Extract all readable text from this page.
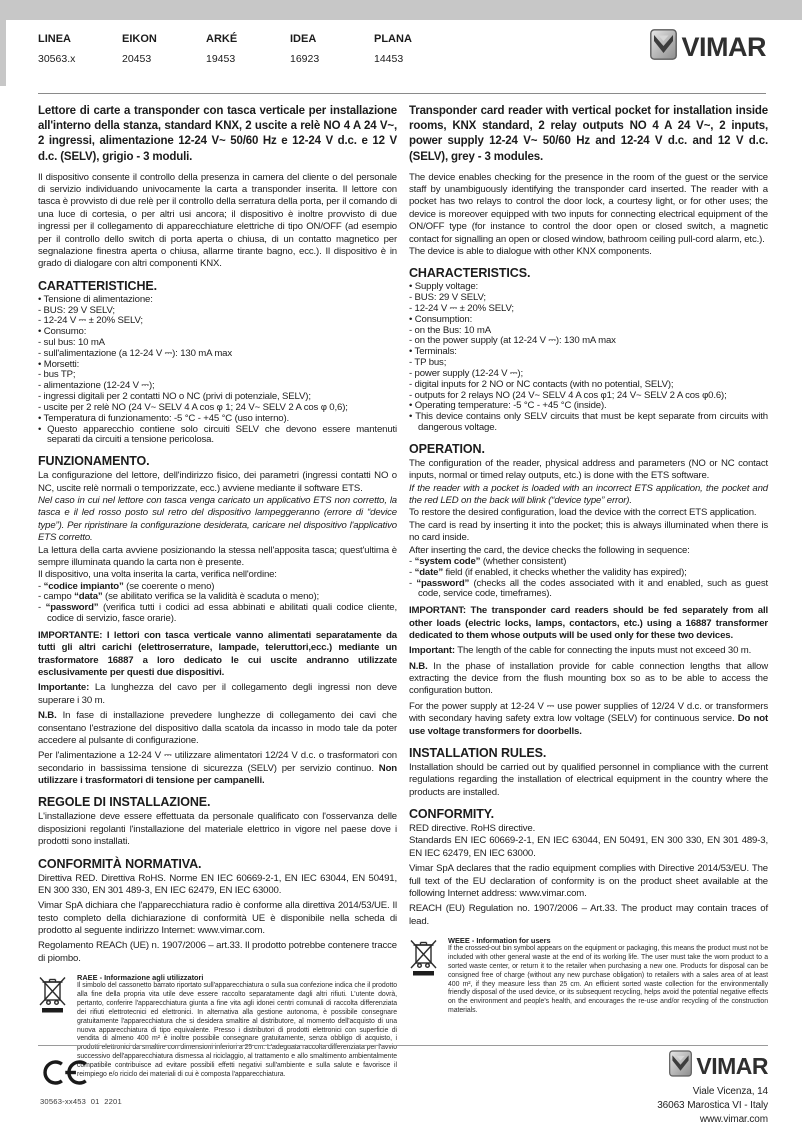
LINEA
30563.x
EIKON
20453
ARKÉ
19453
IDEA
16923
PLANA
14453	VIMAR

Lettore di carte a transponder con tasca verticale per installazione all'interno della stanza, standard KNX, 2 uscite a relè NO 4 A 24 V~, 2 ingressi, alimentazione 12-24 V~ 50/60 Hz e 12-24 V d.c. e 12 V d.c. (SELV), grigio - 3 moduli.

Il dispositivo consente il controllo della presenza in camera del cliente o del personale di servizio individuando univocamente la carta a transponder inserita. Il lettore con tasca è provvisto di due relè per il controllo della serratura della porta, per il comando di una luce di cortesia, o per altri usi ancora; il dispositivo è inoltre provvisto di due ingressi per il collegamento di apparecchiature elettriche di tipo ON/OFF (ad esempio per il controllo dello switch di porta aperta o chiusa, di un contatto magnetico per segnalazione finestra aperta o chiusa, allarme tirante bagno, ecc.). Il dispositivo è in grado di dialogare con altri componenti KNX.

CARATTERISTICHE.

• Tensione di alimentazione:

- BUS: 29 V SELV;

- 12-24 V ⎓ ± 20% SELV;

• Consumo:

- sul bus: 10 mA

- sull'alimentazione (a 12-24 V ⎓): 130 mA max

• Morsetti:

- bus TP;

- alimentazione (12-24 V ⎓);

- ingressi digitali per 2 contatti NO o NC (privi di potenziale, SELV);

- uscite per 2 relè NO (24 V~ SELV 4 A cos φ 1; 24 V~ SELV 2 A cos φ 0,6);

• Temperatura di funzionamento: -5 °C - +45 °C (uso interno).

• Questo apparecchio contiene solo circuiti SELV che devono essere mantenuti separati da circuiti a tensione pericolosa.

FUNZIONAMENTO.

La configurazione del lettore, dell'indirizzo fisico, dei parametri (ingressi contatti NO o NC, uscite relè normali o temporizzate, ecc.) avviene mediante il software ETS.

Nel caso in cui nel lettore con tasca venga caricato un applicativo ETS non corretto, la tasca e il led rosso posto sul retro del dispositivo lampeggeranno (errore di “device type”). Per ripristinare la configurazione desiderata, caricare nel dispositivo l'applicativo ETS corretto.

La lettura della carta avviene posizionando la stessa nell'apposita tasca; quest'ultima è sempre illuminata quando la carta non è presente.

Il dispositivo, una volta inserita la carta, verifica nell'ordine:

- “codice impianto” (se coerente o meno)

- campo “data” (se abilitato verifica se la validità è scaduta o meno);

- “password” (verifica tutti i codici ad essa abbinati e abilitati quali codice cliente, codice di servizio, fasce orarie).

IMPORTANTE: I lettori con tasca verticale vanno alimentati separatamente da tutti gli altri carichi (elettroserrature, lampade, teleruttori,ecc.) mediante un trasformatore 16887 a loro dedicato le cui uscite andranno utilizzate esclusivamente per questi due dispositivi.

Importante: La lunghezza del cavo per il collegamento degli ingressi non deve superare i 30 m.

N.B. In fase di installazione prevedere lunghezze di collegamento dei cavi che consentano l'estrazione del dispositivo dalla scatola da incasso in modo tale da poter accedere al pulsante di configurazione.

Per l'alimentazione a 12-24 V ⎓ utilizzare alimentatori 12/24 V d.c. o trasformatori con secondario in bassissima tensione di sicurezza (SELV) per servizio continuo. Non utilizzare i trasformatori di tensione per campanelli.

REGOLE DI INSTALLAZIONE.

L'installazione deve essere effettuata da personale qualificato con l'osservanza delle disposizioni regolanti l'installazione del materiale elettrico in vigore nel paese dove i prodotti sono installati.

CONFORMITÀ NORMATIVA.

Direttiva RED. Direttiva RoHS. Norme EN IEC 60669-2-1, EN IEC 63044, EN 50491, EN 300 330, EN 301 489-3, EN IEC 62479, EN IEC 63000.

Vimar SpA dichiara che l'apparecchiatura radio è conforme alla direttiva 2014/53/UE. Il testo completo della dichiarazione di conformità UE è disponibile nella scheda di prodotto al seguente indirizzo Internet: www.vimar.com.

Regolamento REACh (UE) n. 1907/2006 – art.33. Il prodotto potrebbe contenere tracce di piombo.

RAEE - Informazione agli utilizzatori
Il simbolo del cassonetto barrato riportato sull'apparecchiatura o sulla sua confezione indica che il prodotto alla fine della propria vita utile deve essere raccolto separatamente dagli altri rifiuti. L'utente dovrà, pertanto, conferire l'apparecchiatura giunta a fine vita agli idonei centri comunali di raccolta differenziata dei rifiuti elettrotecnici ed elettronici. In alternativa alla gestione autonoma, è possibile consegnare gratuitamente l'apparecchiatura che si desidera smaltire al distributore, al momento dell'acquisto di una nuova apparecchiatura di tipo equivalente. Presso i distributori di prodotti elettronici con superficie di vendita di almeno 400 m² è inoltre possibile consegnare gratuitamente, senza obbligo di acquisto, i prodotti elettronici da smaltire con dimensioni inferiori a 25 cm. L'adeguata raccolta differenziata per l'avvio successivo dell'apparecchiatura dismessa al riciclaggio, al trattamento e allo smaltimento ambientalmente compatibile contribuisce ad evitare possibili effetti negativi sull'ambiente e sulla salute e favorisce il reimpiego e/o riciclo dei materiali di cui è composta l'apparecchiatura.

Transponder card reader with vertical pocket for installation inside rooms, KNX standard, 2 relay outputs NO 4 A 24 V~, 2 inputs, power supply 12-24 V~ 50/60 Hz and 12-24 V d.c. and 12 V d.c. (SELV), grey - 3 modules.

The device enables checking for the presence in the room of the guest or the service staff by unambiguously identifying the transponder card inserted. The reader with a pocket has two relays to control the door lock, a courtesy light, or for other uses; the device is moreover equipped with two inputs for connecting electrical equipment of the ON/OFF type (for instance to control the door open or closed switch, a magnetic contact for signalling an open or closed window, bathroom ceiling pull-cord alarm, etc.).

The device is able to dialogue with other KNX components.

CHARACTERISTICS.

• Supply voltage:

- BUS: 29 V SELV;

- 12-24 V ⎓ ± 20% SELV;

• Consumption:

- on the Bus: 10 mA

- on the power supply (at 12-24 V ⎓): 130 mA max

• Terminals:

- TP bus;

- power supply (12-24 V ⎓);

- digital inputs for 2 NO or NC contacts (with no potential, SELV);

- outputs for 2 relays NO (24 V~ SELV 4 A cos φ1; 24 V~ SELV 2 A cos φ0.6);

• Operating temperature: -5 °C - +45 °C (inside).

• This device contains only SELV circuits that must be kept separate from circuits with dangerous voltage.

OPERATION.

The configuration of the reader, physical address and parameters (NO or NC contact inputs, normal or timed relay outputs, etc.) is done with the ETS software.

If the reader with a pocket is loaded with an incorrect ETS application, the pocket and the red LED on the back will blink (“device type” error).

To restore the desired configuration, load the device with the correct ETS application.

The card is read by inserting it into the pocket; this is always illuminated when there is no card inside.

After inserting the card, the device checks the following in sequence:

- “system code” (whether consistent)

- “date” field (if enabled, it checks whether the validity has expired);

- “password” (checks all the codes associated with it and enabled, such as guest code, service code, timeframes).

IMPORTANT: The transponder card readers should be fed separately from all other loads (electric locks, lamps, contactors, etc.) using a 16887 transformer dedicated to them whose outputs will be used only for these two devices.

Important: The length of the cable for connecting the inputs must not exceed 30 m.

N.B. In the phase of installation provide for cable connection lengths that allow extracting the device from the flush mounting box so as to be able to access the configuration button.

For the power supply at 12-24 V ⎓ use power supplies of 12/24 V d.c. or transformers with secondary having safety extra low voltage (SELV) for continuous service. Do not use voltage transformers for doorbells.

INSTALLATION RULES.

Installation should be carried out by qualified personnel in compliance with the current regulations regarding the installation of electrical equipment in the country where the products are installed.

CONFORMITY.

RED directive. RoHS directive.

Standards EN IEC 60669-2-1, EN IEC 63044, EN 50491, EN 300 330, EN 301 489-3, EN IEC 62479, EN IEC 63000.

Vimar SpA declares that the radio equipment complies with Directive 2014/53/EU. The full text of the EU declaration of conformity is on the product sheet available at the following Internet address: www.vimar.com.

REACH (EU) Regulation no. 1907/2006 – Art.33. The product may contain traces of lead.

WEEE - Information for users
If the crossed-out bin symbol appears on the equipment or packaging, this means the product must not be included with other general waste at the end of its working life. The user must take the worn product to a sorted waste center, or return it to the retailer when purchasing a new one. Products for disposal can be consigned free of charge (without any new purchase obligation) to retailers with a sales area of at least 400 m², if they measure less than 25 cm. An efficient sorted waste collection for the environmentally friendly disposal of the used device, or its subsequent recycling, helps avoid the potential negative effects on the environment and people's health, and encourages the re-use and/or recycling of the construction materials.
30563-xx453  01  2201
VIMAR
Viale Vicenza, 14
36063 Marostica VI - Italy
www.vimar.com
